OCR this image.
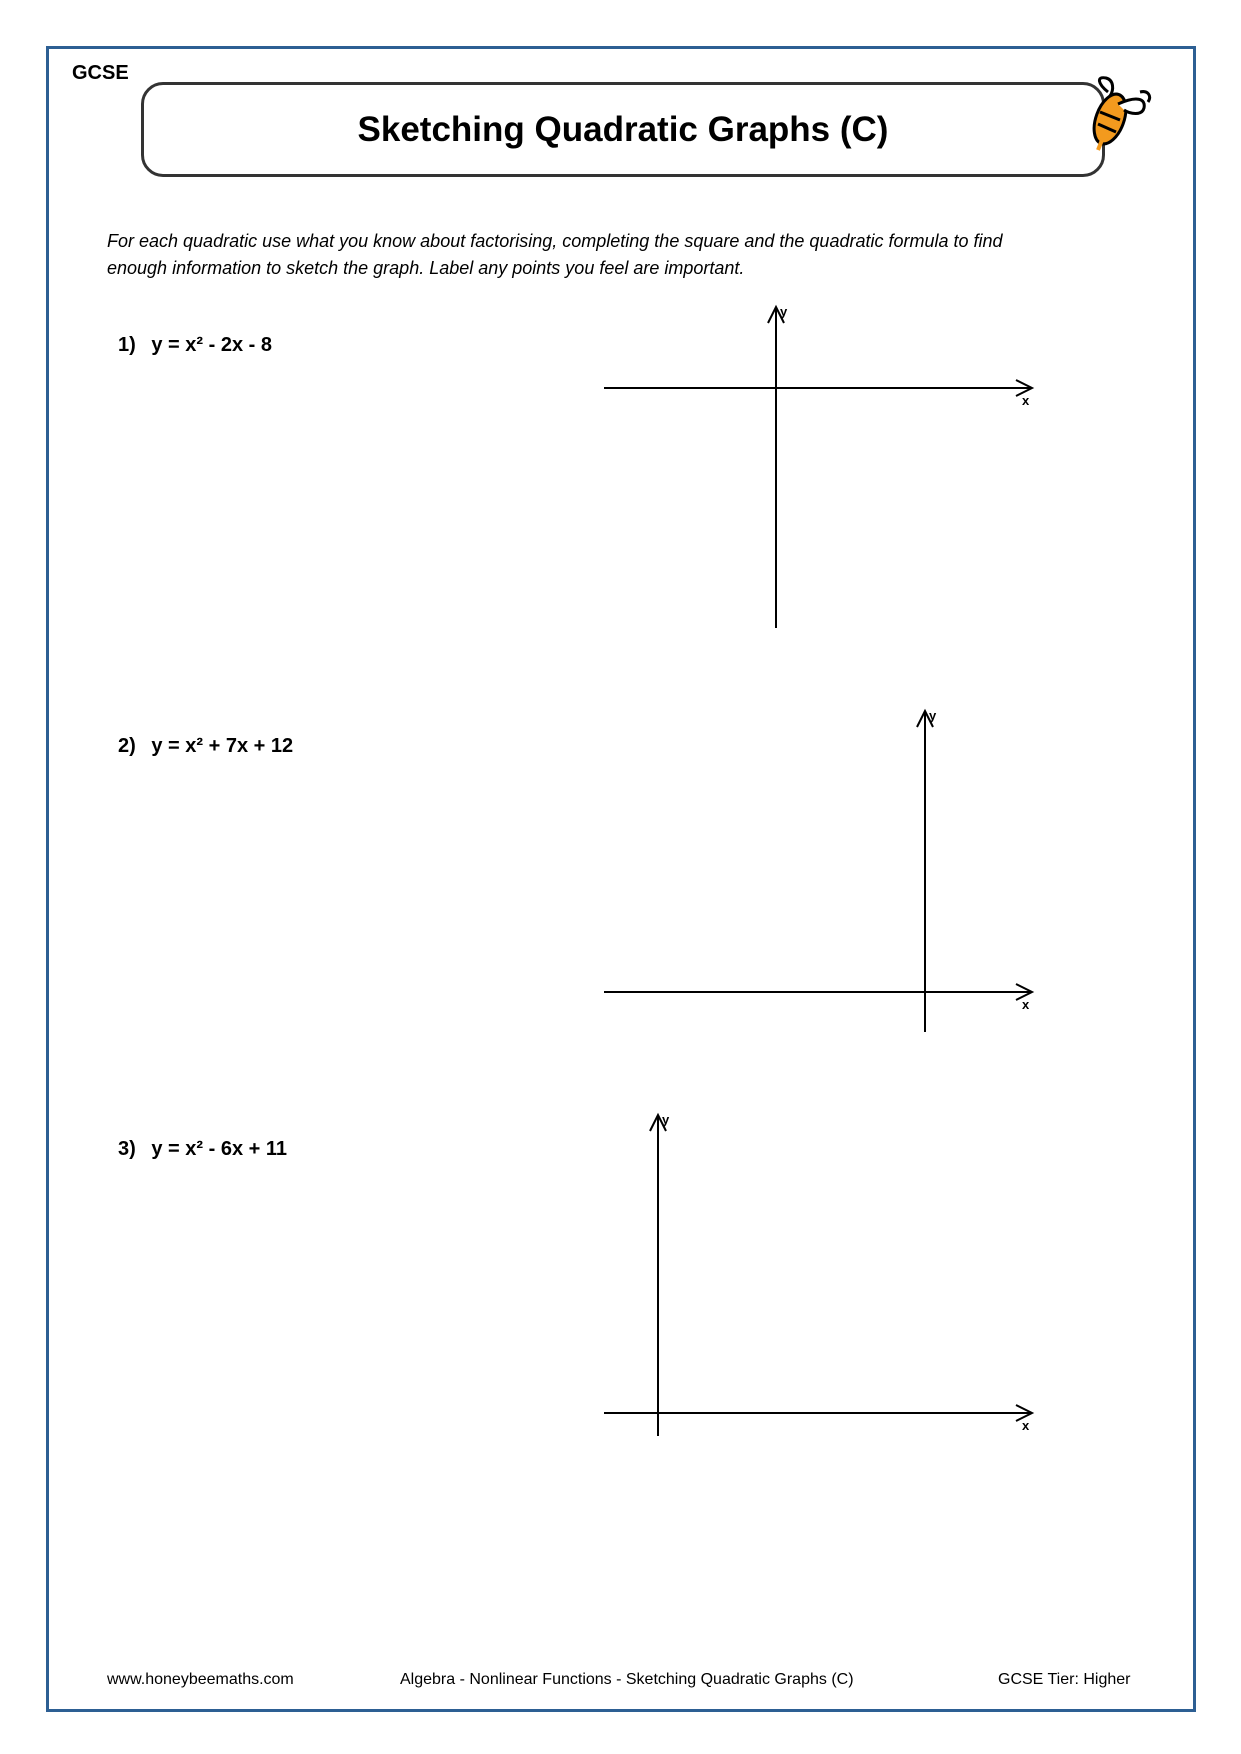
GCSE
Sketching Quadratic Graphs (C)
For each quadratic use what you know about factorising, completing the square and the quadratic formula to find enough information to sketch the graph. Label any points you feel are important.
1) y = x² - 2x - 8
2) y = x² + 7x + 12
3) y = x² - 6x + 11
x
y
x
y
x
y
www.honeybeemaths.com	Algebra - Nonlinear Functions - Sketching Quadratic Graphs (C)	GCSE Tier: Higher
